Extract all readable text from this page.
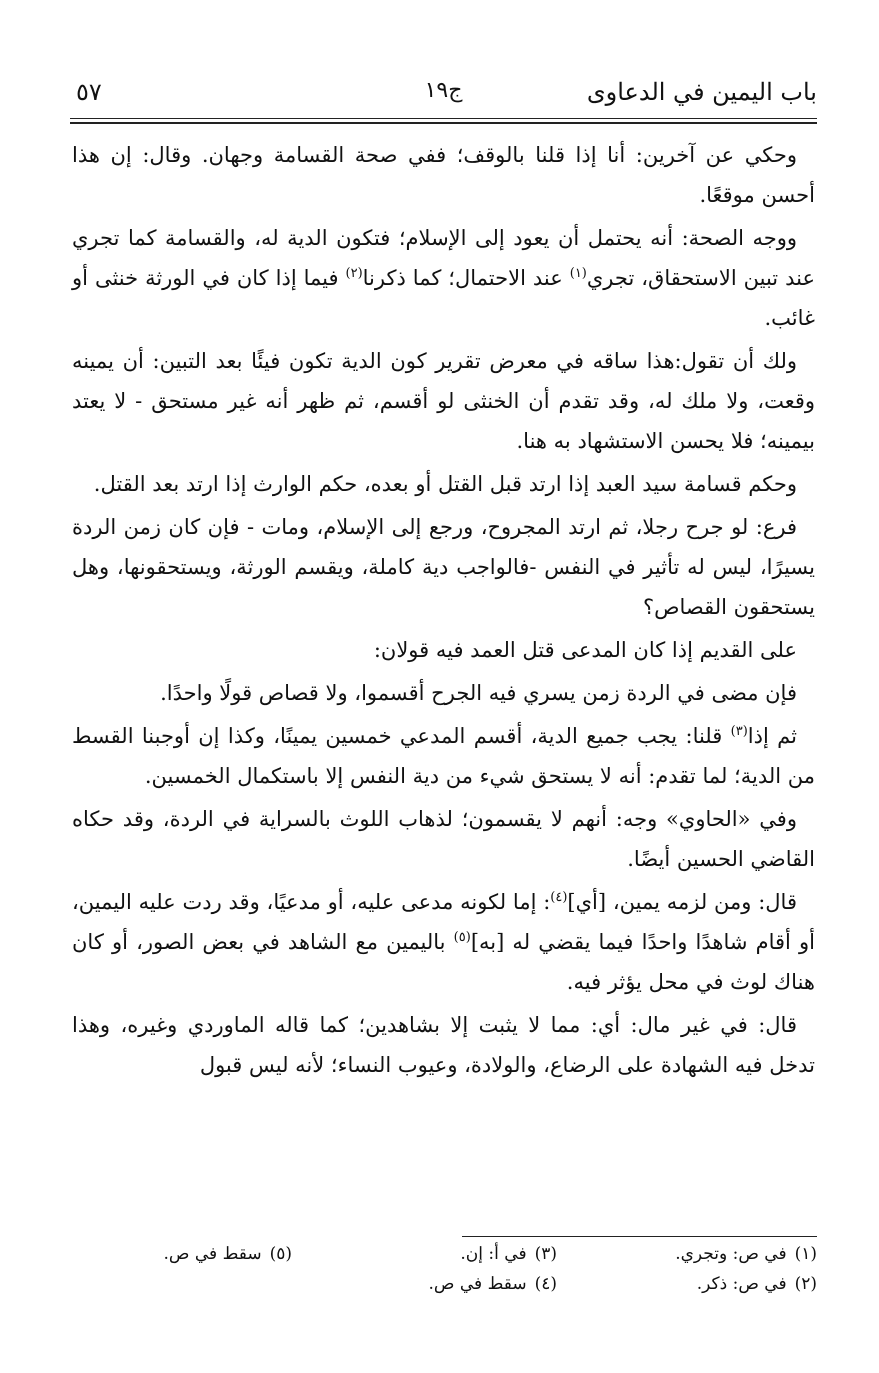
باب اليمين في الدعاوى
ج١٩
٥٧

وحكي عن آخرين: أنا إذا قلنا بالوقف؛ ففي صحة القسامة وجهان. وقال: إن هذا أحسن موقعًا.

ووجه الصحة: أنه يحتمل أن يعود إلى الإسلام؛ فتكون الدية له، والقسامة كما تجري عند تبين الاستحقاق، تجري$^{(١)}$ عند الاحتمال؛ كما ذكرنا$^{(٢)}$ فيما إذا كان في الورثة خنثى أو غائب.

ولك أن تقول:هذا ساقه في معرض تقرير كون الدية تكون فيئًا بعد التبين: أن يمينه وقعت، ولا ملك له، وقد تقدم أن الخنثى لو أقسم، ثم ظهر أنه غير مستحق - لا يعتد بيمينه؛ فلا يحسن الاستشهاد به هنا.

وحكم قسامة سيد العبد إذا ارتد قبل القتل أو بعده، حكم الوارث إذا ارتد بعد القتل.

فرع: لو جرح رجلا، ثم ارتد المجروح، ورجع إلى الإسلام، ومات - فإن كان زمن الردة يسيرًا، ليس له تأثير في النفس -فالواجب دية كاملة، ويقسم الورثة، ويستحقونها، وهل يستحقون القصاص؟

على القديم إذا كان المدعى قتل العمد فيه قولان:

فإن مضى في الردة زمن يسري فيه الجرح أقسموا، ولا قصاص قولًا واحدًا.

ثم إذا$^{(٣)}$ قلنا: يجب جميع الدية، أقسم المدعي خمسين يمينًا، وكذا إن أوجبنا القسط من الدية؛ لما تقدم: أنه لا يستحق شيء من دية النفس إلا باستكمال الخمسين.

وفي «الحاوي» وجه: أنهم لا يقسمون؛ لذهاب اللوث بالسراية في الردة، وقد حكاه القاضي الحسين أيضًا.

قال: ومن لزمه يمين، [أي]$^{(٤)}$: إما لكونه مدعى عليه، أو مدعيًا، وقد ردت عليه اليمين، أو أقام شاهدًا واحدًا فيما يقضي له [به]$^{(٥)}$ باليمين مع الشاهد في بعض الصور، أو كان هناك لوث في محل يؤثر فيه.

قال: في غير مال: أي: مما لا يثبت إلا بشاهدين؛ كما قاله الماوردي وغيره، وهذا تدخل فيه الشهادة على الرضاع، والولادة، وعيوب النساء؛ لأنه ليس قبول

(١)في ص: وتجري.
(٢)في ص: ذكر.
(٣)في أ: إن.
(٤)سقط في ص.
(٥)سقط في ص.
